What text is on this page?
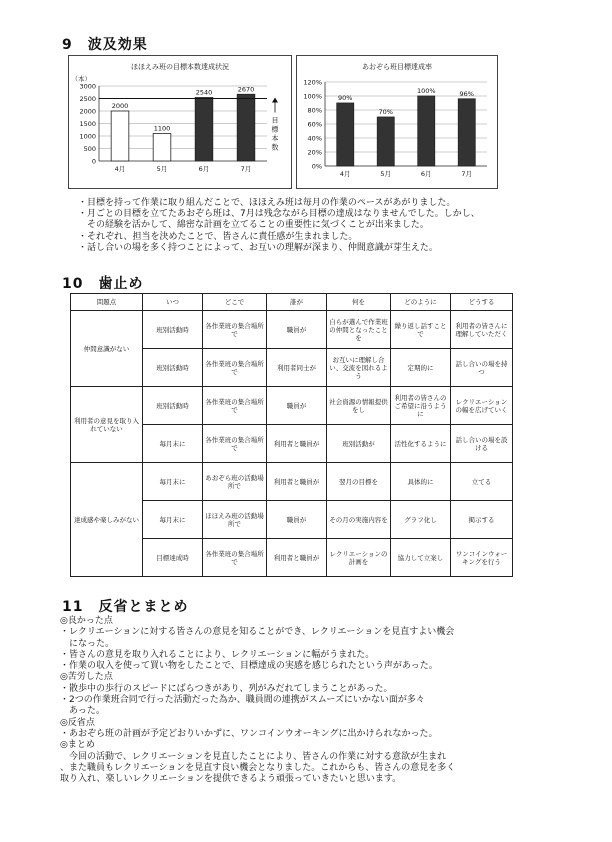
9　波及効果
ほほえみ班の目標本数達成状況
0
500
1000
1500
2000
2500
3000
2000
4月
1100
5月
2540
6月
2670
7月
目
標
本
数
（本）
あおぞら班目標達成率
0%
20%
40%
60%
80%
100%
120%
90%
4月
70%
5月
100%
6月
96%
7月
・目標を持って作業に取り組んだことで、ほほえみ班は毎月の作業のペースがあがりました。
・月ごとの目標を立てたあおぞら班は、7月は残念ながら目標の達成はなりませんでした。しかし、
　その経験を活かして、綿密な計画を立てることの重要性に気づくことが出来ました。
・それぞれ、担当を決めたことで、皆さんに責任感が生まれました。
・話し合いの場を多く持つことによって、お互いの理解が深まり、仲間意識が芽生えた。
10　歯止め
問題点	いつ	どこで	誰が	何を	どのように	どうする
仲間意識がない	班別活動時	各作業班の集合場所で	職員が	自らが選んで作業班の仲間となったことを	繰り返し話すことで	利用者の皆さんに理解していただく
	班別活動時	各作業班の集合場所で	利用者同士が	お互いに理解し合い、交流を図れるよう	定期的に	話し合いの場を持つ
利用者の意見を取り入れていない	班別活動時	各作業班の集合場所で	職員が	社会資源の情報提供をし	利用者の皆さんのご希望に沿うように	レクリエーションの幅を広げていく
	毎月末に	各作業班の集合場所で	利用者と職員が	班別活動が	活性化するように	話し合いの場を設ける
達成感や楽しみがない	毎月末に	あおぞら班の活動場所で	利用者と職員が	翌月の目標を	具体的に	立てる
	毎月末に	ほほえみ班の活動場所で	職員が	その月の実施内容を	グラフ化し	掲示する
	目標達成時	各作業班の集合場所で	利用者と職員が	レクリエーションの計画を	協力して立案し	ワンコインウォーキングを行う
11　反省とまとめ
◎良かった点
・レクリエーションに対する皆さんの意見を知ることができ、レクリエーションを見直すよい機会
　になった。
・皆さんの意見を取り入れることにより、レクリエーションに幅がうまれた。
・作業の収入を使って買い物をしたことで、目標達成の実感を感じられたという声があった。
◎苦労した点
・散歩中の歩行のスピードにばらつきがあり、列がみだれてしまうことがあった。
・2つの作業班合同で行った活動だった為か、職員間の連携がスムーズにいかない面が多々
　あった。
◎反省点
・あおぞら班の計画が予定どおりいかずに、ワンコインウオーキングに出かけられなかった。
◎まとめ
　今回の活動で、レクリエーションを見直したことにより、皆さんの作業に対する意欲が生まれ
、また職員もレクリエーションを見直す良い機会となりました。これからも、皆さんの意見を多く
取り入れ、楽しいレクリエーションを提供できるよう頑張っていきたいと思います。
